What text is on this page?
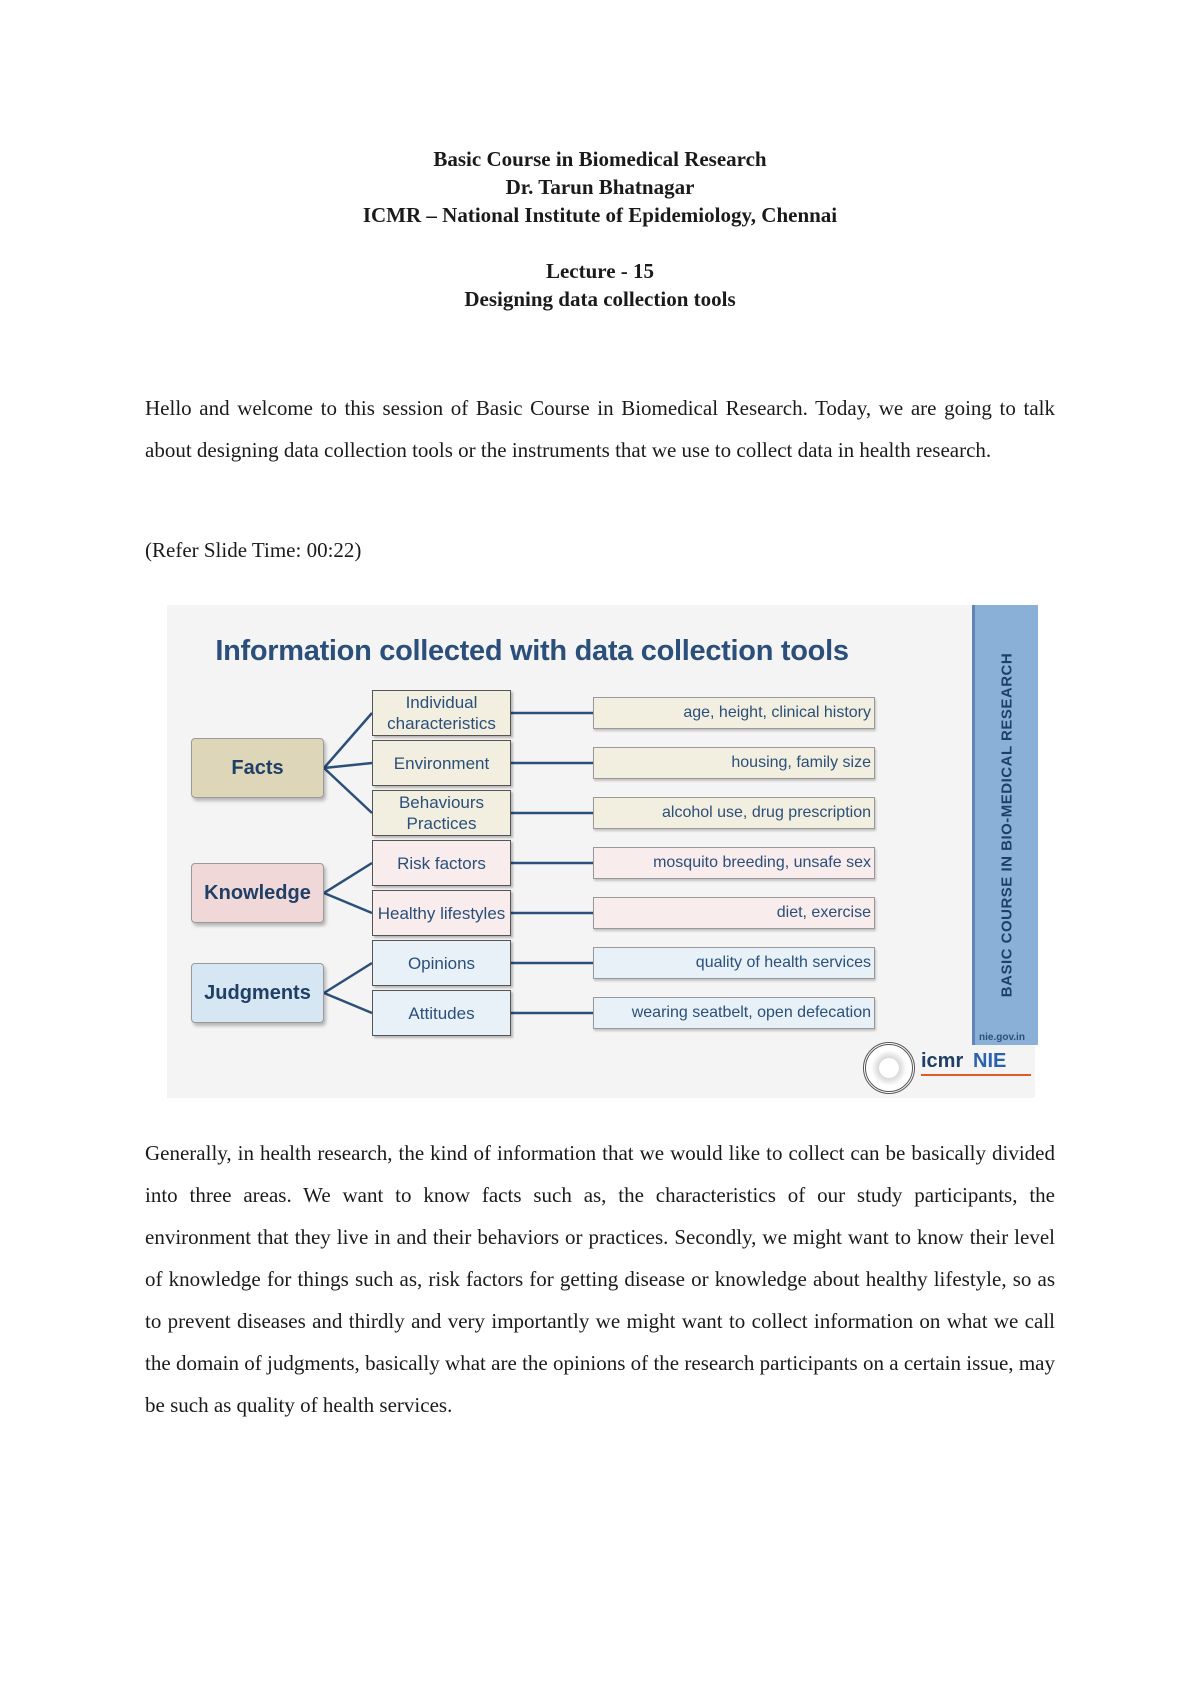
Basic Course in Biomedical Research
Dr. Tarun Bhatnagar
ICMR – National Institute of Epidemiology, Chennai
Lecture - 15
Designing data collection tools
Hello and welcome to this session of Basic Course in Biomedical Research. Today, we are going to talk about designing data collection tools or the instruments that we use to collect data in health research.
(Refer Slide Time: 00:22)
Information collected with data collection tools
Facts
Knowledge
Judgments
Individual characteristics
Environment
Behaviours Practices
Risk factors
Healthy lifestyles
Opinions
Attitudes
age, height, clinical history
housing, family size
alcohol use, drug prescription
mosquito breeding, unsafe sex
diet, exercise
quality of health services
wearing seatbelt, open defecation
BASIC COURSE IN BIO-MEDICAL RESEARCH
nie.gov.in
icmr NIE
Generally, in health research, the kind of information that we would like to collect can be basically divided into three areas. We want to know facts such as, the characteristics of our study participants, the environment that they live in and their behaviors or practices. Secondly, we might want to know their level of knowledge for things such as, risk factors for getting disease or knowledge about healthy lifestyle, so as to prevent diseases and thirdly and very importantly we might want to collect information on what we call the domain of judgments, basically what are the opinions of the research participants on a certain issue, may be such as quality of health services.
